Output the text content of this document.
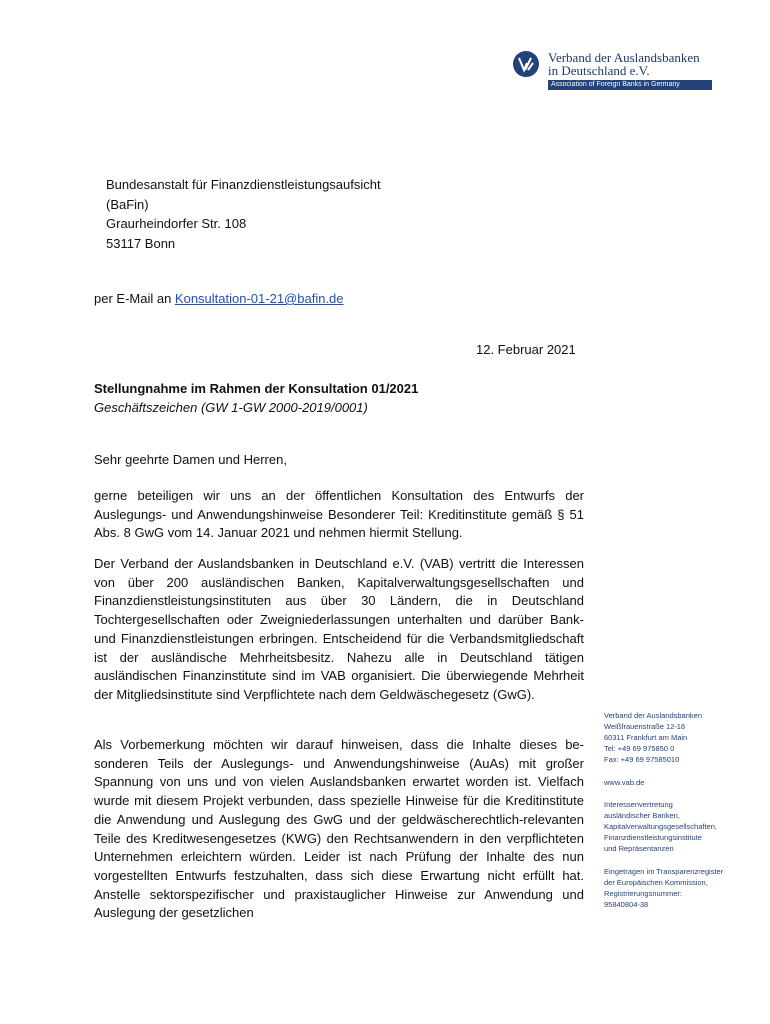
Verband der Auslandsbanken
in Deutschland e.V.
Association of Foreign Banks in Germany
Bundesanstalt für Finanzdienstleistungsaufsicht
(BaFin)
Graurheindorfer Str. 108
53117 Bonn
per E-Mail an Konsultation-01-21@bafin.de
12. Februar 2021
Stellungnahme im Rahmen der Konsultation 01/2021
Geschäftszeichen (GW 1-GW 2000-2019/0001)
Sehr geehrte Damen und Herren,
gerne beteiligen wir uns an der öffentlichen Konsultation des Entwurfs der Auslegungs- und Anwendungshinweise Besonderer Teil: Kreditinstitute gemäß § 51 Abs. 8 GwG vom 14. Januar 2021 und nehmen hiermit Stellung.
Der Verband der Auslandsbanken in Deutschland e.V. (VAB) vertritt die Interessen von über 200 ausländischen Banken, Kapitalverwaltungsgesellschaften und Finanzdienstleistungsinstituten aus über 30 Ländern, die in Deutschland Tochtergesellschaften oder Zweigniederlassungen unterhalten und darüber Bank- und Finanzdienstleistungen erbringen. Entscheidend für die Verbandsmitgliedschaft ist der ausländische Mehrheitsbesitz. Nahezu alle in Deutschland tätigen ausländischen Finanzinstitute sind im VAB organisiert. Die überwiegende Mehrheit der Mitgliedsinstitute sind Verpflichtete nach dem Geldwäschegesetz (GwG).
Als Vorbemerkung möchten wir darauf hinweisen, dass die Inhalte dieses besonderen Teils der Auslegungs- und Anwendungshinweise (AuAs) mit großer Spannung von uns und von vielen Auslandsbanken erwartet worden ist. Vielfach wurde mit diesem Projekt verbunden, dass spezielle Hinweise für die Kreditinstitute die Anwendung und Auslegung des GwG und der geldwäscherechtlich-relevanten Teile des Kreditwesengesetzes (KWG) den Rechtsanwendern in den verpflichteten Unternehmen erleichtern würden. Leider ist nach Prüfung der Inhalte des nun vorgestellten Entwurfs festzuhalten, dass sich diese Erwartung nicht erfüllt hat. Anstelle sektorspezifischer und praxistauglicher Hinweise zur Anwendung und Auslegung der gesetzlichen
Verband der Auslandsbanken
Weißfrauenstraße 12-16
60311 Frankfurt am Main
Tel: +49 69 975850 0
Fax: +49 69 97585010
www.vab.de
Interessenvertretung
ausländischer Banken,
Kapitalverwaltungsgesellschaften,
Finanzdienstleistungsinstitute
und Repräsentanzen
Eingetragen im Transparenzregister
der Europäischen Kommission,
Registrierungsnummer:
95840804-38
